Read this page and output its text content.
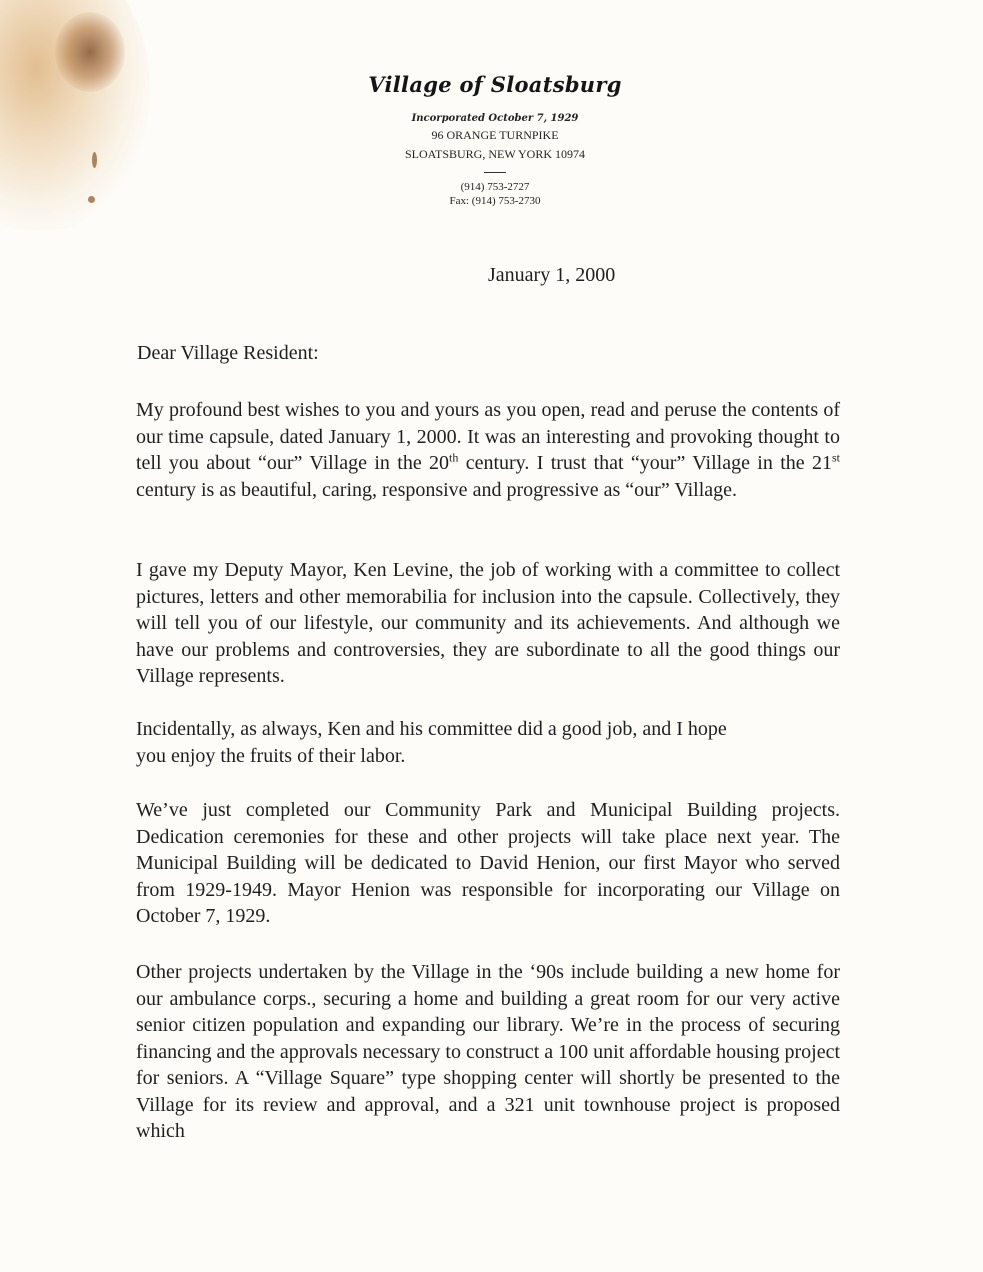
Village of Sloatsburg
Incorporated October 7, 1929
96 ORANGE TURNPIKE
SLOATSBURG, NEW YORK 10974
(914) 753-2727
Fax: (914) 753-2730
January 1, 2000
Dear Village Resident:

My profound best wishes to you and yours as you open, read and peruse the contents of our time capsule, dated January 1, 2000. It was an interesting and provoking thought to tell you about “our” Village in the 20th century. I trust that “your” Village in the 21st century is as beautiful, caring, responsive and progressive as “our” Village.

I gave my Deputy Mayor, Ken Levine, the job of working with a committee to collect pictures, letters and other memorabilia for inclusion into the capsule. Collectively, they will tell you of our lifestyle, our community and its achievements. And although we have our problems and controversies, they are subordinate to all the good things our Village represents.

Incidentally, as always, Ken and his committee did a good job, and I hope
you enjoy the fruits of their labor.

We’ve just completed our Community Park and Municipal Building projects. Dedication ceremonies for these and other projects will take place next year. The Municipal Building will be dedicated to David Henion, our first Mayor who served from 1929-1949. Mayor Henion was responsible for incorporating our Village on October 7, 1929.

Other projects undertaken by the Village in the ‘90s include building a new home for our ambulance corps., securing a home and building a great room for our very active senior citizen population and expanding our library. We’re in the process of securing financing and the approvals necessary to construct a 100 unit affordable housing project for seniors. A “Village Square” type shopping center will shortly be presented to the Village for its review and approval, and a 321 unit townhouse project is proposed which
